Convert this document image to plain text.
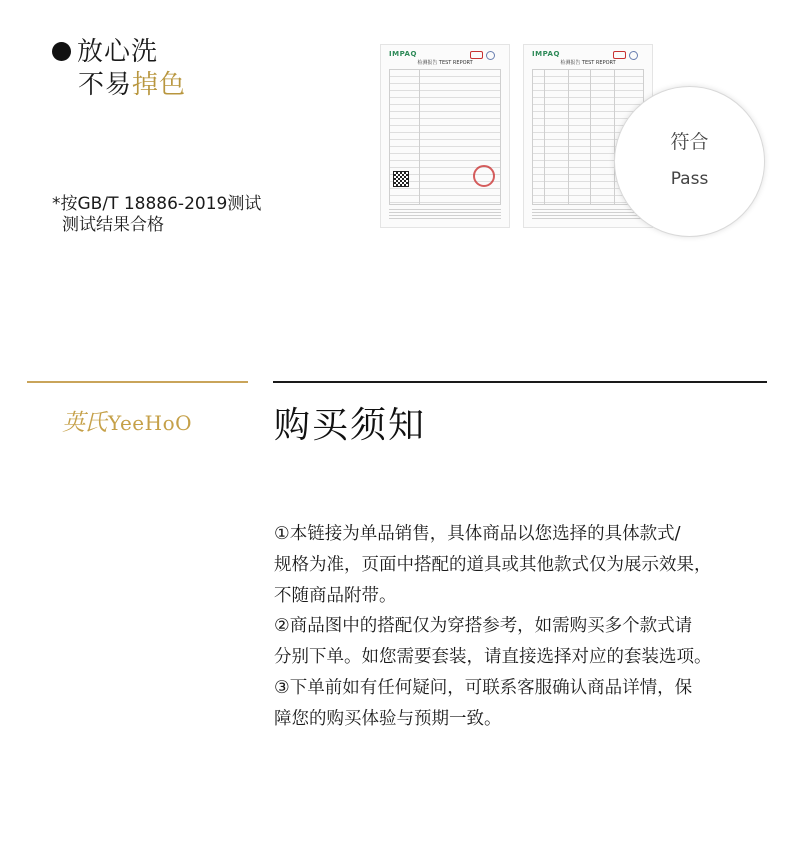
放心洗
不易掉色
*按GB/T 18886-2019测试
测试结果合格
IMPAQ
检测报告 TEST REPORT
IMPAQ
检测报告 TEST REPORT
符合
Pass
英氏 YeeHoO 购买须知
①本链接为单品销售，具体商品以您选择的具体款式/
规格为准，页面中搭配的道具或其他款式仅为展示效果，
不随商品附带。
②商品图中的搭配仅为穿搭参考，如需购买多个款式请
分别下单。如您需要套装，请直接选择对应的套装选项。
③下单前如有任何疑问，可联系客服确认商品详情，保
障您的购买体验与预期一致。
